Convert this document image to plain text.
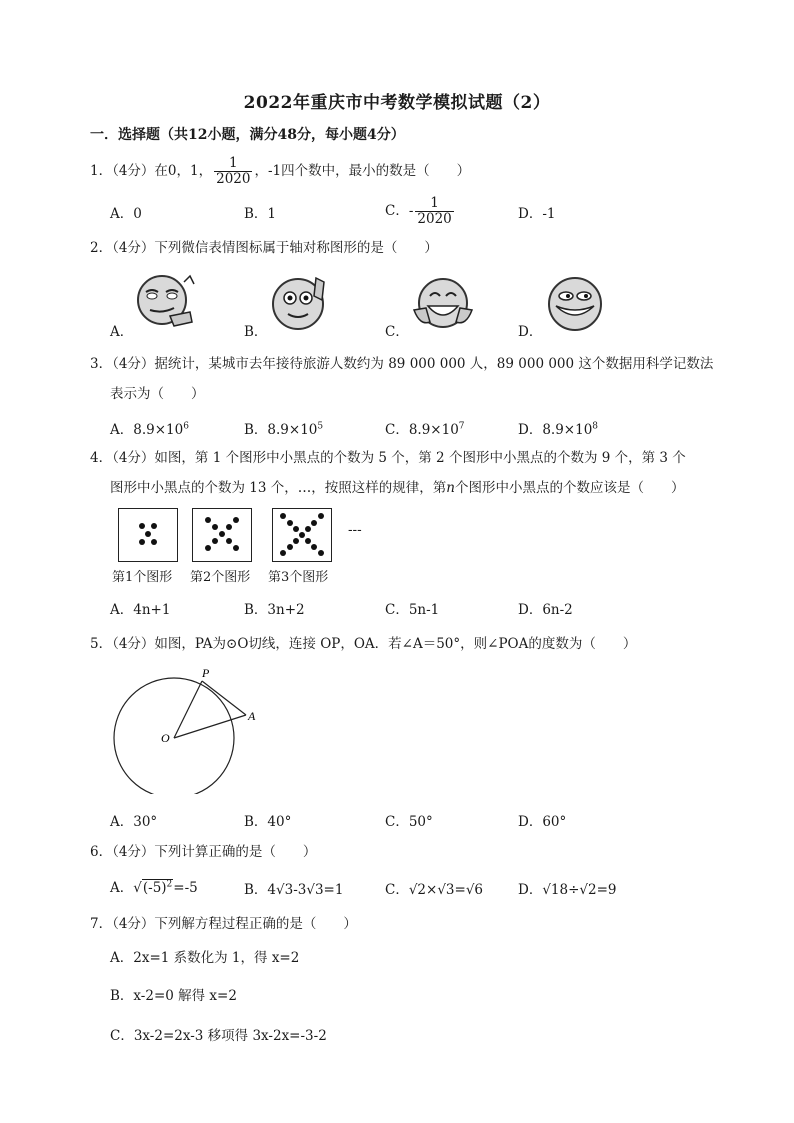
2022年重庆市中考数学模拟试题（2）
一．选择题（共12小题，满分48分，每小题4分）
1．（4分）在0，1， $\frac{1}{2020}$ ，-1四个数中，最小的数是（　　）
A．0	B．1	C．- $\frac{1}{2020}$	D．-1
2．（4分）下列微信表情图标属于轴对称图形的是（　　）
A．	B．	C．	D．
3．（4分）据统计，某城市去年接待旅游人数约为 89 000 000 人，89 000 000 这个数据用科学记数法
表示为（　　）
A．$8.9\times 10^6$	B．$8.9\times 10^5$	C．$8.9\times 10^7$	D．$8.9\times 10^8$
4．（4分）如图，第 1 个图形中小黑点的个数为 5 个，第 2 个图形中小黑点的个数为 9 个，第 3 个
图形中小黑点的个数为 13 个，…，按照这样的规律，第n个图形中小黑点的个数应该是（　　）
---
第1个图形 第2个图形 第3个图形
A．4n+1	B．3n+2	C．5n-1	D．6n-2
5．（4分）如图，PA为⊙O切线，连接 OP，OA．若∠A＝50°，则∠POA的度数为（　　）
P
A
O
A．30°	B．40°	C．50°	D．60°
6．（4分）下列计算正确的是（　　）
A．$√(-5)^2=-5$	B．4√3-3√3=1	C．√2×√3=√6	D．√18÷√2=9
7．（4分）下列解方程过程正确的是（　　）
A．2x=1 系数化为 1，得 x=2
B．x-2=0 解得 x=2
C．3x-2=2x-3 移项得 3x-2x=-3-2
